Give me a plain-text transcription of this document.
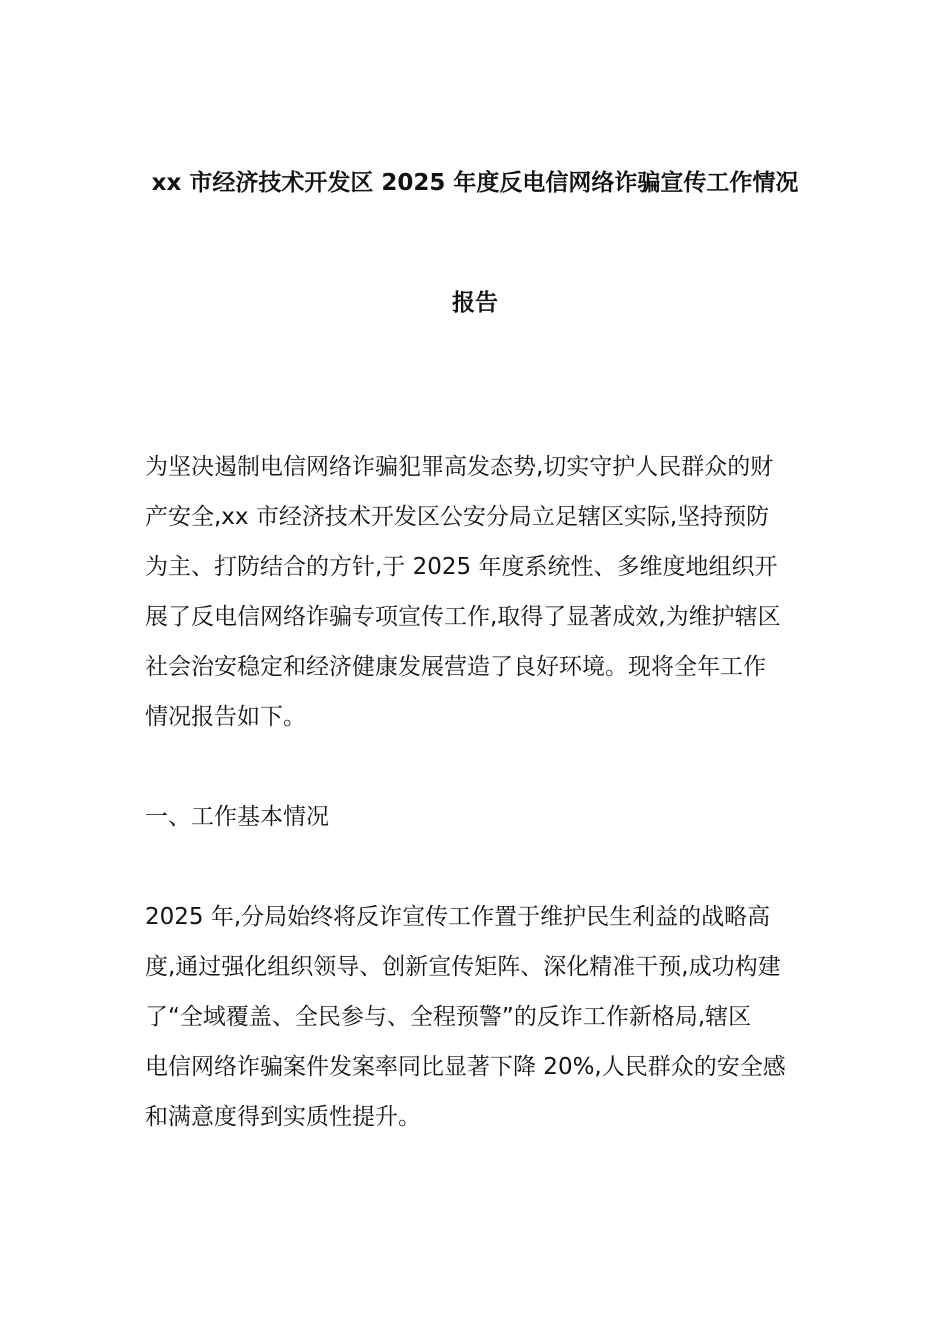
xx 市经济技术开发区 2025 年度反电信网络诈骗宣传工作情况
报告

为坚决遏制电信网络诈骗犯罪高发态势,切实守护人民群众的财

产安全,xx 市经济技术开发区公安分局立足辖区实际,坚持预防

为主、打防结合的方针,于 2025 年度系统性、多维度地组织开

展了反电信网络诈骗专项宣传工作,取得了显著成效,为维护辖区

社会治安稳定和经济健康发展营造了良好环境。现将全年工作

情况报告如下。

一、工作基本情况

2025 年,分局始终将反诈宣传工作置于维护民生利益的战略高

度,通过强化组织领导、创新宣传矩阵、深化精准干预,成功构建

了“全域覆盖、全民参与、全程预警”的反诈工作新格局,辖区

电信网络诈骗案件发案率同比显著下降 20%,人民群众的安全感

和满意度得到实质性提升。
